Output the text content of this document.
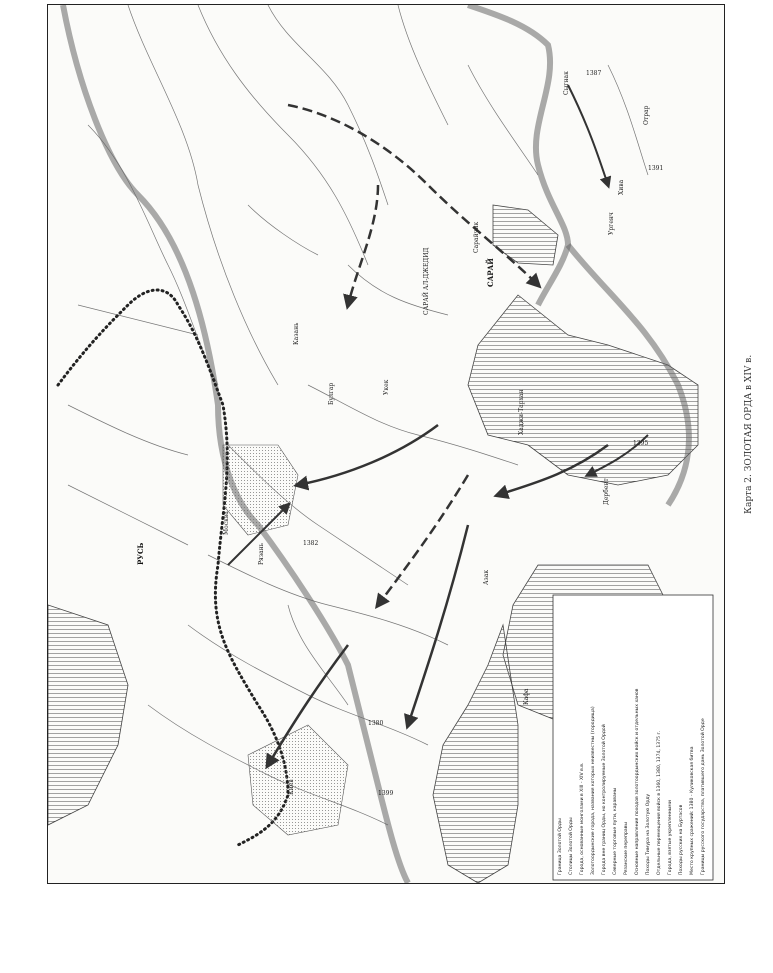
САРАЙ
САРАЙ АЛ-ДЖЕДИД
Сарайчик
Хаджи-Тархан
Казань
Булгар
Москва
Рязань
Киев
Ургенч
Хива
Отрар
Сыгнак
Укек
Азак
Кафа
Дербент
1387
1391
1395
1380
1382
1399
РУСЬ
Граница Золотой Орды	Столицы Золотой Орды Города, основанные монголами в XIII - XIV в.в. Золотоордынские города, названия которых неизвестны (городища)	Города вне границ Орды, но контролируемые Золотой Ордой Северные торговые пути, караваны Рязанские переправы	Основные направления походов золотоордынских войск и отдельных ханов Походы Тимура на Золотую Орду	Отдельные перемещения войск в 1360, 1380, 1374, 1375 г. Города, взятые укрепленными Походы русских на Буртасов	Место крупных сражений: 1380 - Куликовская битва	Границы русского государства, платившего дань Золотой Орде
Карта 2. ЗОЛОТАЯ ОРДА в XIV в.
